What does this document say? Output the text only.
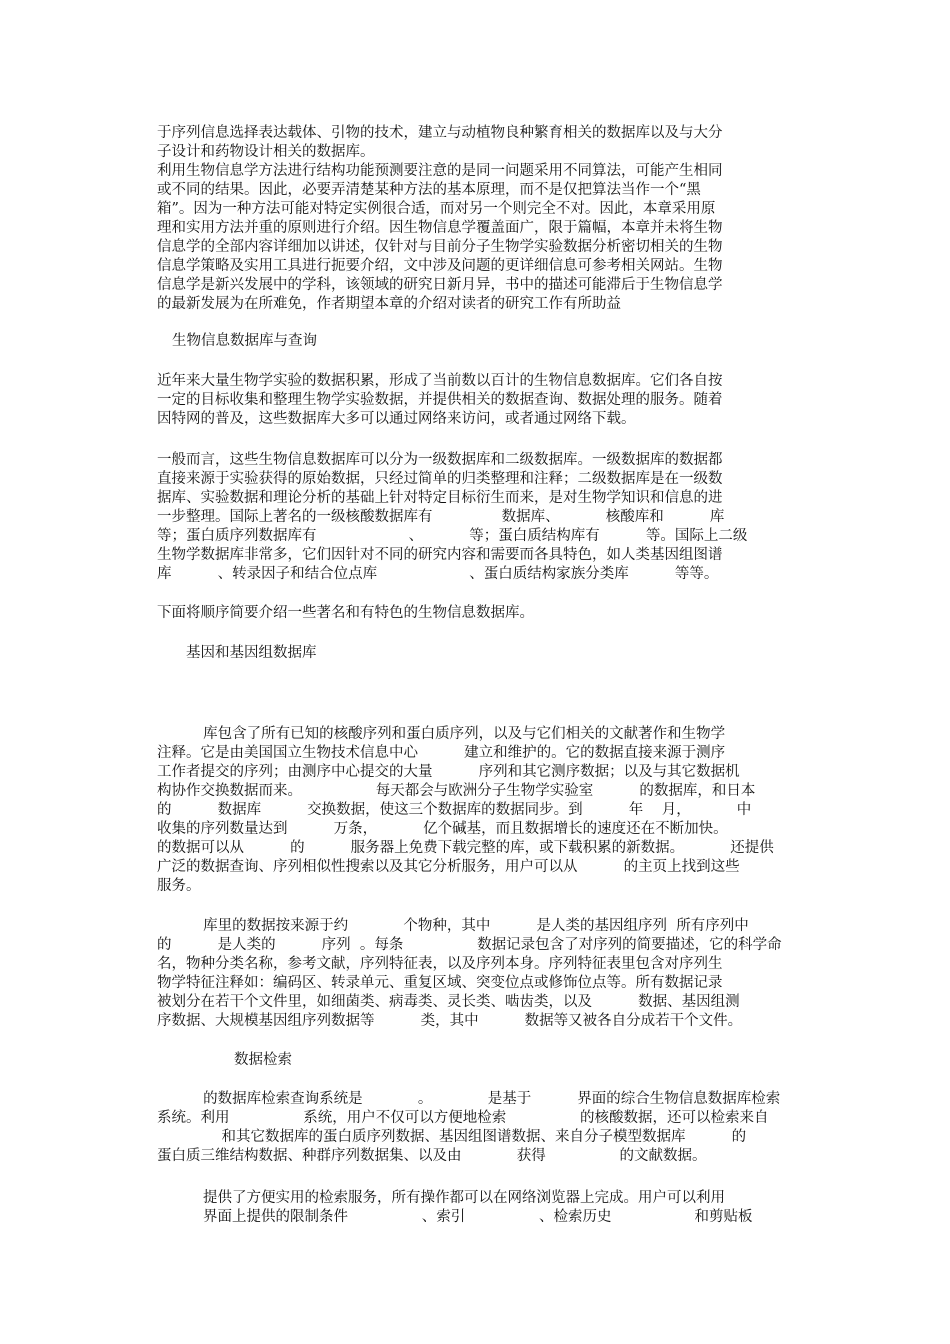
于序列信息选择表达载体、引物的技术，建立与动植物良种繁育相关的数据库以及与大分
子设计和药物设计相关的数据库。
利用生物信息学方法进行结构功能预测要注意的是同一问题采用不同算法，可能产生相同
或不同的结果。因此，必要弄清楚某种方法的基本原理，而不是仅把算法当作一个“黑
箱”。因为一种方法可能对特定实例很合适，而对另一个则完全不对。因此，本章采用原
理和实用方法并重的原则进行介绍。因生物信息学覆盖面广，限于篇幅，本章并未将生物
信息学的全部内容详细加以讲述，仅针对与目前分子生物学实验数据分析密切相关的生物
信息学策略及实用工具进行扼要介绍，文中涉及问题的更详细信息可参考相关网站。生物
信息学是新兴发展中的学科，该领域的研究日新月异，书中的描述可能滞后于生物信息学
的最新发展为在所难免，作者期望本章的介绍对读者的研究工作有所助益
生物信息数据库与查询
近年来大量生物学实验的数据积累，形成了当前数以百计的生物信息数据库。它们各自按
一定的目标收集和整理生物学实验数据，并提供相关的数据查询、数据处理的服务。随着
因特网的普及，这些数据库大多可以通过网络来访问，或者通过网络下载。
一般而言，这些生物信息数据库可以分为一级数据库和二级数据库。一级数据库的数据都
直接来源于实验获得的原始数据，只经过简单的归类整理和注释；二级数据库是在一级数
据库、实验数据和理论分析的基础上针对特定目标衍生而来，是对生物学知识和信息的进
一步整理。国际上著名的一级核酸数据库有               数据库、          核酸库和          库
等；蛋白质序列数据库有                    、          等；蛋白质结构库有          等。国际上二级
生物学数据库非常多，它们因针对不同的研究内容和需要而各具特色，如人类基因组图谱
库          、转录因子和结合位点库                    、蛋白质结构家族分类库          等等。
下面将顺序简要介绍一些著名和有特色的生物信息数据库。
基因和基因组数据库
库包含了所有已知的核酸序列和蛋白质序列，以及与它们相关的文献著作和生物学
注释。它是由美国国立生物技术信息中心          建立和维护的。它的数据直接来源于测序
工作者提交的序列；由测序中心提交的大量          序列和其它测序数据；以及与其它数据机
构协作交换数据而来。                每天都会与欧洲分子生物学实验室          的数据库，和日本
的          数据库          交换数据，使这三个数据库的数据同步。到          年    月，          中
收集的序列数量达到          万条，          亿个碱基，而且数据增长的速度还在不断加快。
的数据可以从          的          服务器上免费下载完整的库，或下载积累的新数据。          还提供
广泛的数据查询、序列相似性搜索以及其它分析服务，用户可以从          的主页上找到这些
服务。
库里的数据按来源于约            个物种，其中          是人类的基因组序列  所有序列中
的          是人类的          序列  。每条                数据记录包含了对序列的简要描述，它的科学命
名，物种分类名称，参考文献，序列特征表，以及序列本身。序列特征表里包含对序列生
物学特征注释如：编码区、转录单元、重复区域、突变位点或修饰位点等。所有数据记录
被划分在若干个文件里，如细菌类、病毒类、灵长类、啮齿类，以及          数据、基因组测
序数据、大规模基因组序列数据等          类，其中          数据等又被各自分成若干个文件。
数据检索
的数据库检索查询系统是            。            是基于          界面的综合生物信息数据库检索
系统。利用                系统，用户不仅可以方便地检索                的核酸数据，还可以检索来自
和其它数据库的蛋白质序列数据、基因组图谱数据、来自分子模型数据库          的
蛋白质三维结构数据、种群序列数据集、以及由            获得                的文献数据。
提供了方便实用的检索服务，所有操作都可以在网络浏览器上完成。用户可以利用
界面上提供的限制条件                、索引                、检索历史                  和剪贴板
